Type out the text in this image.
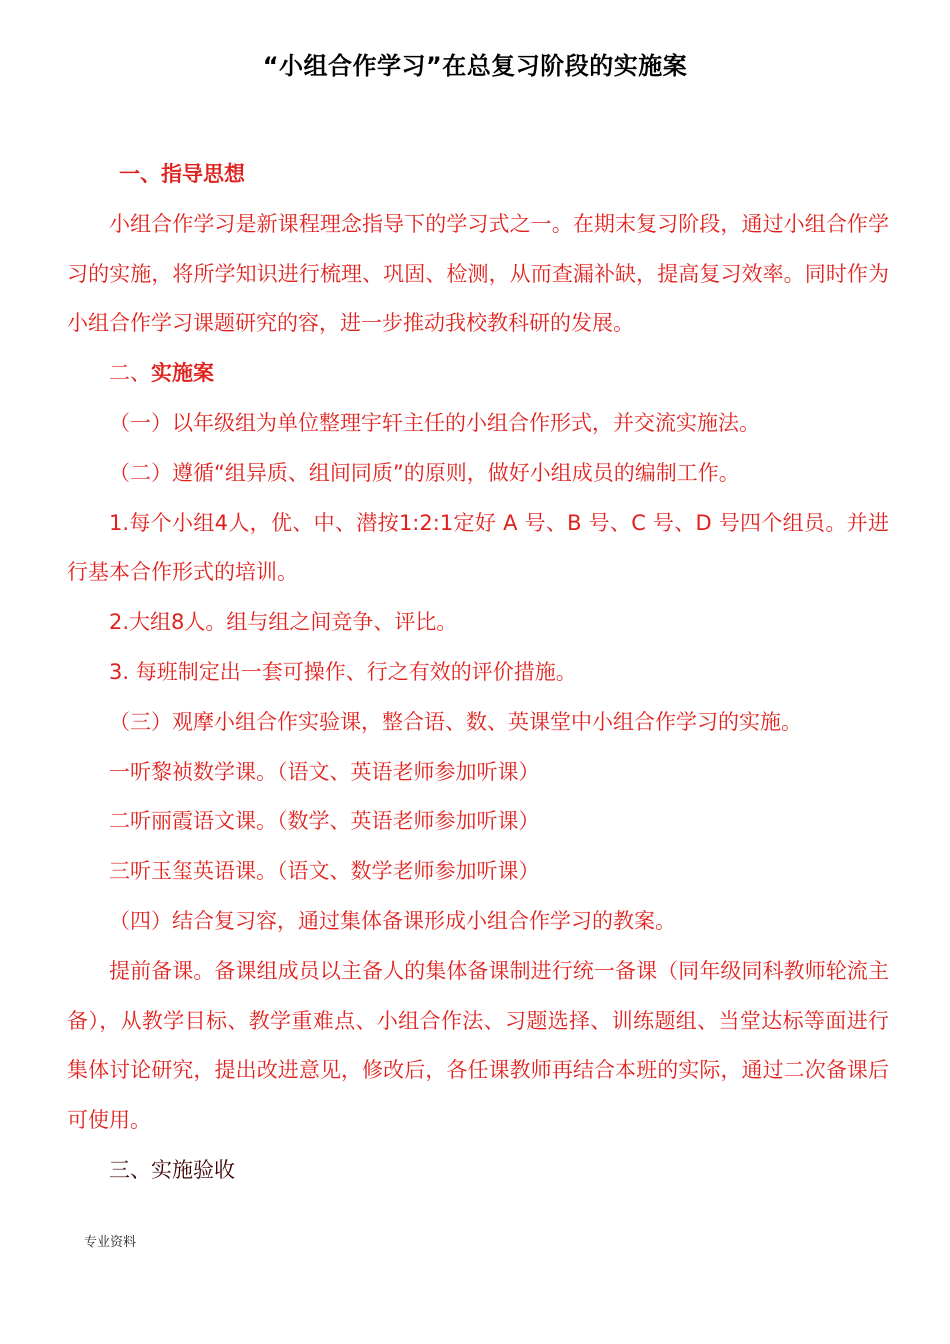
“小组合作学习”在总复习阶段的实施案

一、指导思想

小组合作学习是新课程理念指导下的学习式之一。在期末复习阶段，通过小组合作学习的实施，将所学知识进行梳理、巩固、检测，从而查漏补缺，提高复习效率。同时作为小组合作学习课题研究的容，进一步推动我校教科研的发展。

二、实施案

（一）以年级组为单位整理宇轩主任的小组合作形式，并交流实施法。

（二）遵循“组异质、组间同质”的原则，做好小组成员的编制工作。

1.每个小组4人，优、中、潜按1:2:1定好 A 号、B 号、C 号、D 号四个组员。并进行基本合作形式的培训。

2.大组8人。组与组之间竞争、评比。

3. 每班制定出一套可操作、行之有效的评价措施。

（三）观摩小组合作实验课，整合语、数、英课堂中小组合作学习的实施。

一听黎祯数学课。（语文、英语老师参加听课）

二听丽霞语文课。（数学、英语老师参加听课）

三听玉玺英语课。（语文、数学老师参加听课）

（四）结合复习容，通过集体备课形成小组合作学习的教案。

提前备课。备课组成员以主备人的集体备课制进行统一备课（同年级同科教师轮流主备），从教学目标、教学重难点、小组合作法、习题选择、训练题组、当堂达标等面进行集体讨论研究，提出改进意见，修改后，各任课教师再结合本班的实际，通过二次备课后可使用。

三、实施验收

专业资料
